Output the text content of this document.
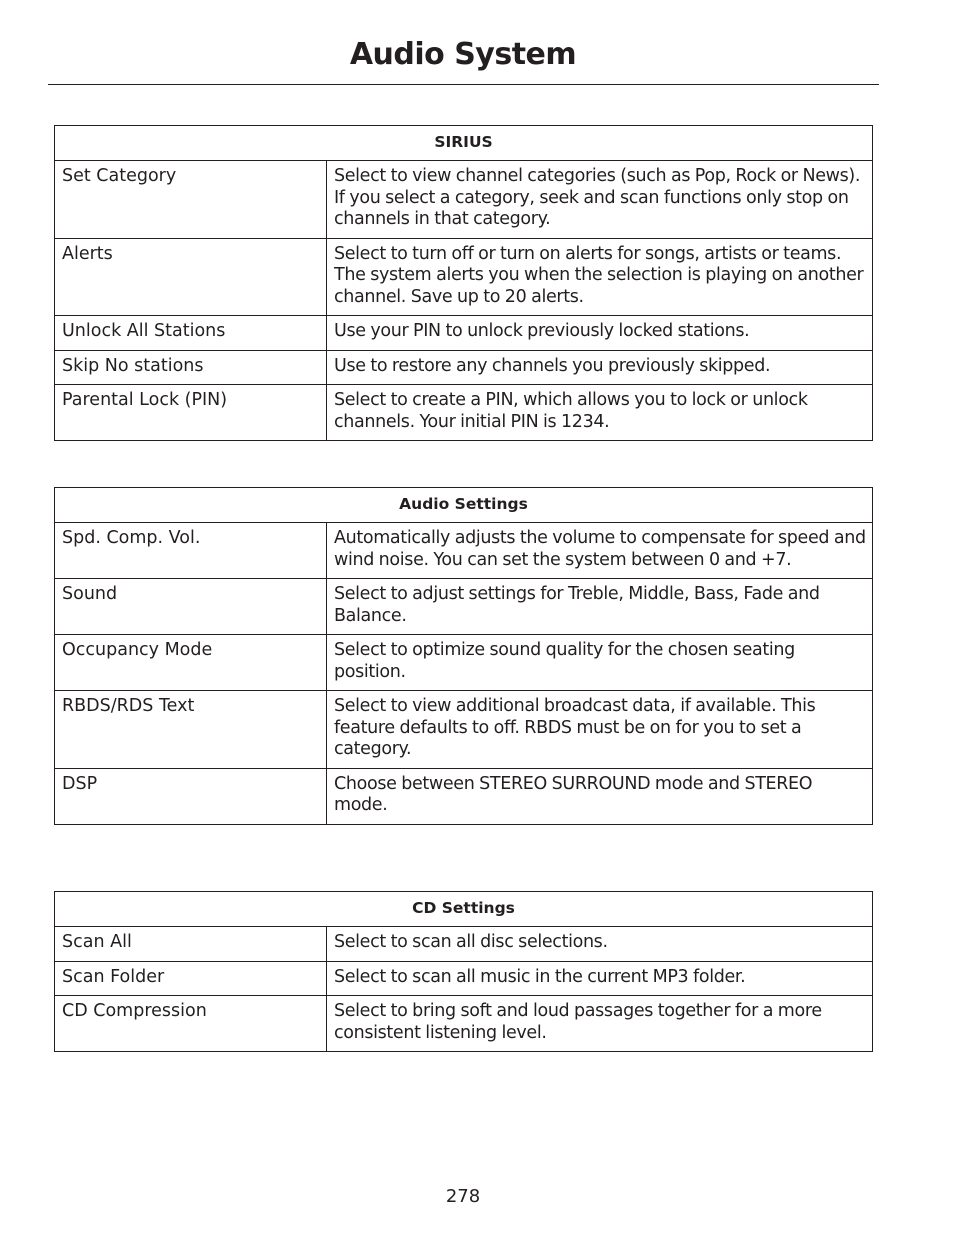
Audio System
SIRIUS	
Set Category	Select to view channel categories (such as Pop, Rock or News). If you select a category, seek and scan functions only stop on channels in that category.
Alerts	Select to turn off or turn on alerts for songs, artists or teams. The system alerts you when the selection is playing on another channel. Save up to 20 alerts.
Unlock All Stations	Use your PIN to unlock previously locked stations.
Skip No stations	Use to restore any channels you previously skipped.
Parental Lock (PIN)	Select to create a PIN, which allows you to lock or unlock channels. Your initial PIN is 1234.
Audio Settings	
Spd. Comp. Vol.	Automatically adjusts the volume to compensate for speed and wind noise. You can set the system between 0 and +7.
Sound	Select to adjust settings for Treble, Middle, Bass, Fade and Balance.
Occupancy Mode	Select to optimize sound quality for the chosen seating position.
RBDS/RDS Text	Select to view additional broadcast data, if available. This feature defaults to off. RBDS must be on for you to set a category.
DSP	Choose between STEREO SURROUND mode and STEREO mode.
CD Settings	
Scan All	Select to scan all disc selections.
Scan Folder	Select to scan all music in the current MP3 folder.
CD Compression	Select to bring soft and loud passages together for a more consistent listening level.
278
